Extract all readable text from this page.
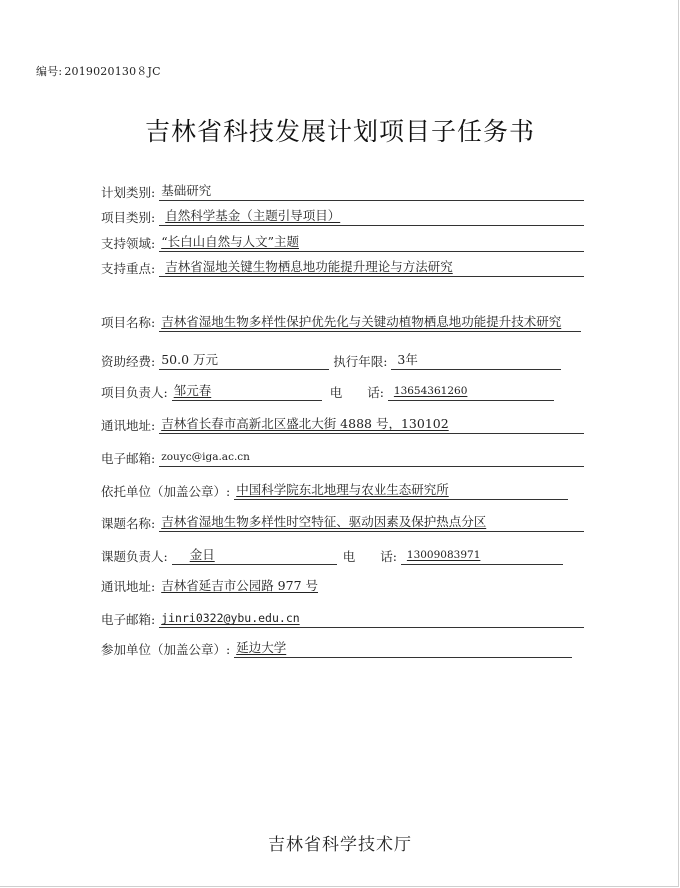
编号: 2019020130８JC
吉林省科技发展计划项目子任务书
计划类别: 基础研究
项目类别: 自然科学基金（主题引导项目）
支持领域: “长白山自然与人文”主题
支持重点: 吉林省湿地关键生物栖息地功能提升理论与方法研究
项目名称: 吉林省湿地生物多样性保护优先化与关键动植物栖息地功能提升技术研究
资助经费: 50.0 万元	执行年限: 3年
项目负责人: 邹元春	电　　话: 13654361260
通讯地址: 吉林省长春市高新北区盛北大街 4888 号，130102
电子邮箱: zouyc@iga.ac.cn
依托单位（加盖公章）: 中国科学院东北地理与农业生态研究所
课题名称: 吉林省湿地生物多样性时空特征、驱动因素及保护热点分区
课题负责人: 金日	电　　话: 13009083971
通讯地址: 吉林省延吉市公园路 977 号
电子邮箱: jinri0322@ybu.edu.cn
参加单位（加盖公章）: 延边大学
吉林省科学技术厅
